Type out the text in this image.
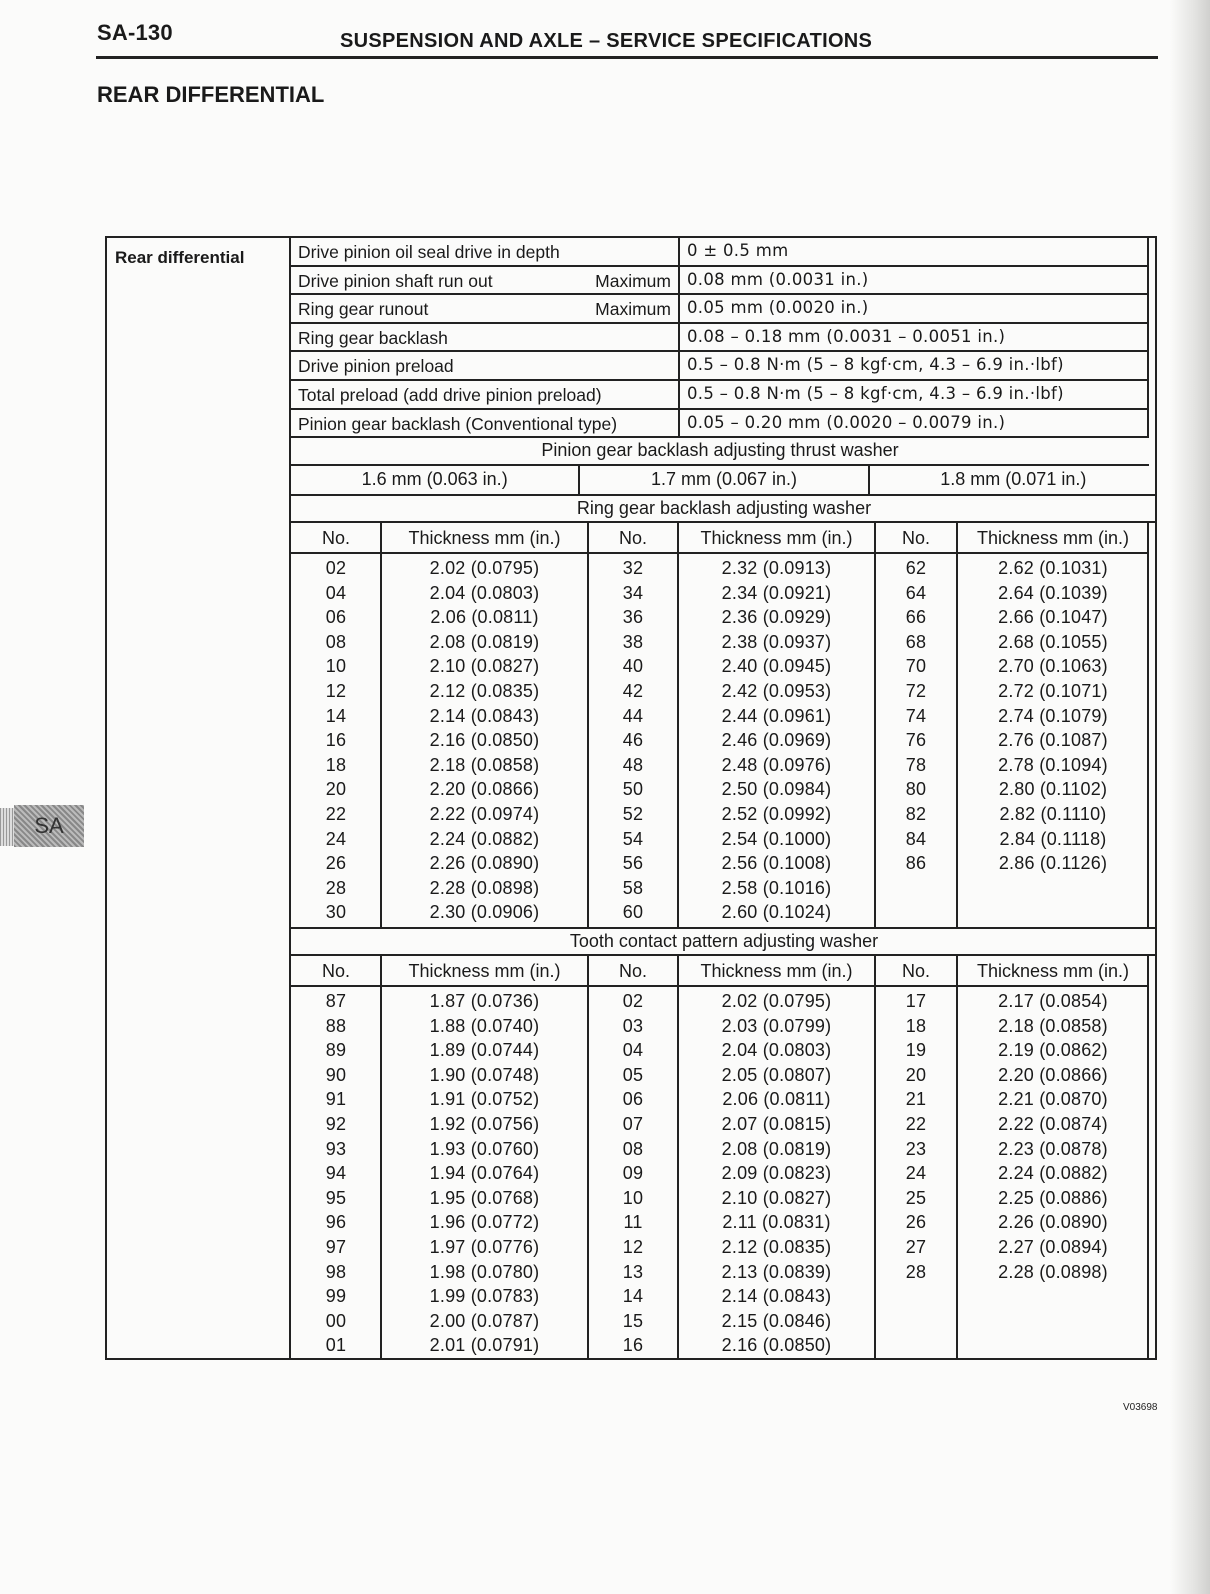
SA-130	SUSPENSION AND AXLE – SERVICE SPECIFICATIONS
REAR DIFFERENTIAL
SA
Rear differential	Drive pinion oil seal drive in depth	0 ± 0.5 mm
Drive pinion shaft run out	Maximum 0.08 mm (0.0031 in.)
Ring gear runout	Maximum 0.05 mm (0.0020 in.)
Ring gear backlash	0.08 – 0.18 mm (0.0031 – 0.0051 in.)
Drive pinion preload	0.5 – 0.8 N·m (5 – 8 kgf·cm, 4.3 – 6.9 in.·lbf)
Total preload (add drive pinion preload)	0.5 – 0.8 N·m (5 – 8 kgf·cm, 4.3 – 6.9 in.·lbf)
Pinion gear backlash (Conventional type)	0.05 – 0.20 mm (0.0020 – 0.0079 in.)
Pinion gear backlash adjusting thrust washer
1.6 mm (0.063 in.)	1.7 mm (0.067 in.)	1.8 mm (0.071 in.)
Ring gear backlash adjusting washer
No.	Thickness mm (in.)	No.	Thickness mm (in.)	No.	Thickness mm (in.)
02	2.02 (0.0795)	32	2.32 (0.0913)	62	2.62 (0.1031)
04	2.04 (0.0803)	34	2.34 (0.0921)	64	2.64 (0.1039)
06	2.06 (0.0811)	36	2.36 (0.0929)	66	2.66 (0.1047)
08	2.08 (0.0819)	38	2.38 (0.0937)	68	2.68 (0.1055)
10	2.10 (0.0827)	40	2.40 (0.0945)	70	2.70 (0.1063)
12	2.12 (0.0835)	42	2.42 (0.0953)	72	2.72 (0.1071)
14	2.14 (0.0843)	44	2.44 (0.0961)	74	2.74 (0.1079)
16	2.16 (0.0850)	46	2.46 (0.0969)	76	2.76 (0.1087)
18	2.18 (0.0858)	48	2.48 (0.0976)	78	2.78 (0.1094)
20	2.20 (0.0866)	50	2.50 (0.0984)	80	2.80 (0.1102)
22	2.22 (0.0974)	52	2.52 (0.0992)	82	2.82 (0.1110)
24	2.24 (0.0882)	54	2.54 (0.1000)	84	2.84 (0.1118)
26	2.26 (0.0890)	56	2.56 (0.1008)	86	2.86 (0.1126)
28	2.28 (0.0898)	58	2.58 (0.1016)
30	2.30 (0.0906)	60	2.60 (0.1024)
Tooth contact pattern adjusting washer
No.	Thickness mm (in.)	No.	Thickness mm (in.)	No.	Thickness mm (in.)
87	1.87 (0.0736)	02	2.02 (0.0795)	17	2.17 (0.0854)
88	1.88 (0.0740)	03	2.03 (0.0799)	18	2.18 (0.0858)
89	1.89 (0.0744)	04	2.04 (0.0803)	19	2.19 (0.0862)
90	1.90 (0.0748)	05	2.05 (0.0807)	20	2.20 (0.0866)
91	1.91 (0.0752)	06	2.06 (0.0811)	21	2.21 (0.0870)
92	1.92 (0.0756)	07	2.07 (0.0815)	22	2.22 (0.0874)
93	1.93 (0.0760)	08	2.08 (0.0819)	23	2.23 (0.0878)
94	1.94 (0.0764)	09	2.09 (0.0823)	24	2.24 (0.0882)
95	1.95 (0.0768)	10	2.10 (0.0827)	25	2.25 (0.0886)
96	1.96 (0.0772)	11	2.11 (0.0831)	26	2.26 (0.0890)
97	1.97 (0.0776)	12	2.12 (0.0835)	27	2.27 (0.0894)
98	1.98 (0.0780)	13	2.13 (0.0839)	28	2.28 (0.0898)
99	1.99 (0.0783)	14	2.14 (0.0843)
00	2.00 (0.0787)	15	2.15 (0.0846)
01	2.01 (0.0791)	16	2.16 (0.0850)
V03698
